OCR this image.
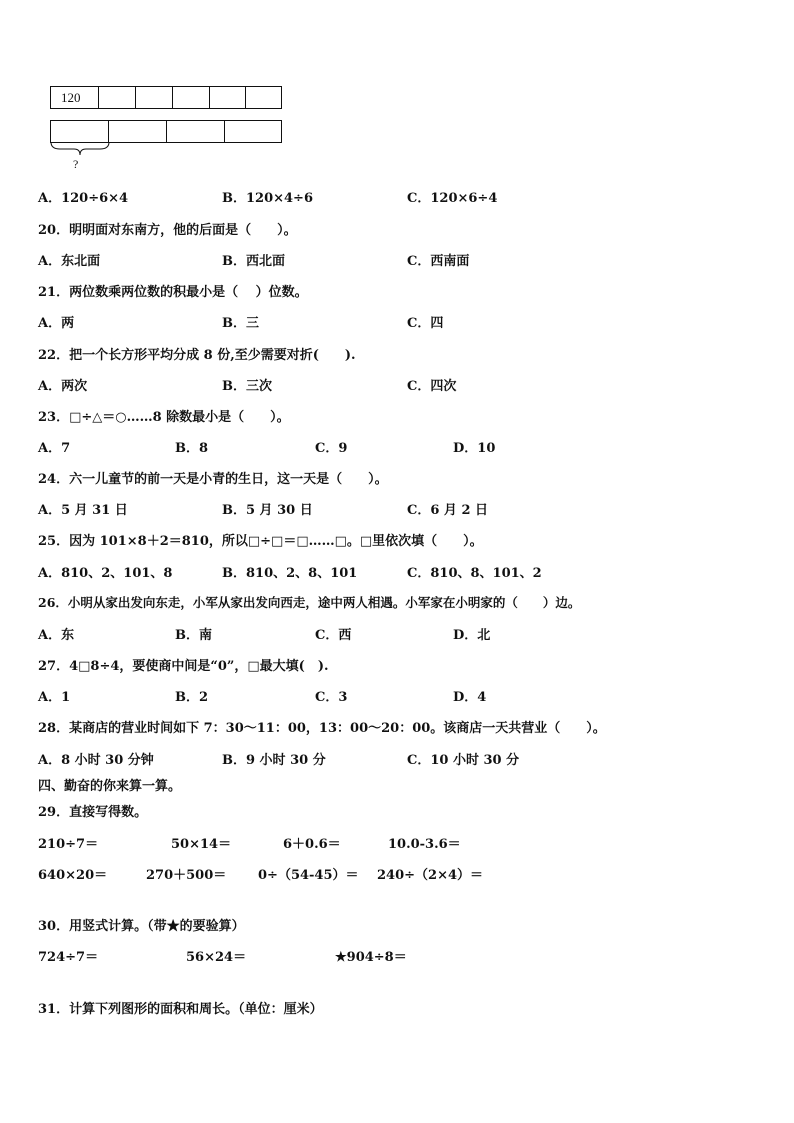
120
?
A．120÷6×4	B．120×4÷6	C．120×6÷4
20．明明面对东南方，他的后面是（　　）。
A．东北面	B．西北面	C．西南面
21．两位数乘两位数的积最小是（　 ）位数。
A．两	B．三	C．四
22．把一个长方形平均分成 8 份,至少需要对折(　　).
A．两次	B．三次	C．四次
23．□÷△＝○……8 除数最小是（　　）。
A．7	B．8	C．9	D．10
24．六一儿童节的前一天是小青的生日，这一天是（　　）。
A．5 月 31 日	B．5 月 30 日	C．6 月 2 日
25．因为 101×8＋2＝810，所以□÷□＝□……□。□里依次填（　　）。
A．810、2、101、8	B．810、2、8、101	C．810、8、101、2
26．小明从家出发向东走，小军从家出发向西走，途中两人相遇。小军家在小明家的（　　）边。
A．东	B．南	C．西	D．北
27．4□8÷4，要使商中间是“0”，□最大填(　).
A．1	B．2	C．3	D．4
28．某商店的营业时间如下 7：30～11：00，13：00～20：00。该商店一天共营业（　　）。
A．8 小时 30 分钟	B．9 小时 30 分	C．10 小时 30 分
四、勤奋的你来算一算。
29．直接写得数。
210÷7＝	50×14＝	6＋0.6＝	10.0-3.6＝
640×20＝	270＋500＝ 0÷（54-45）＝ 240÷（2×4）＝
30．用竖式计算。（带★的要验算）
724÷7＝	56×24＝	★904÷8＝
31．计算下列图形的面积和周长。（单位：厘米）
